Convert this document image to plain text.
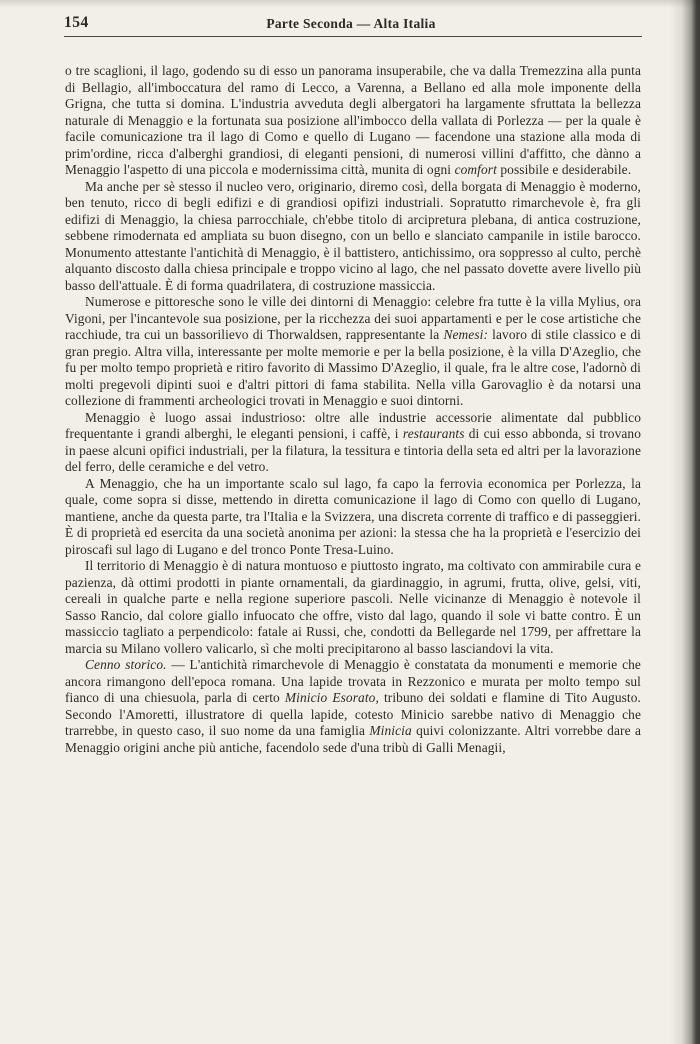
154	Parte Seconda — Alta Italia

o tre scaglioni, il lago, godendo su di esso un panorama insuperabile, che va dalla Tremezzina alla punta di Bellagio, all'imboccatura del ramo di Lecco, a Varenna, a Bellano ed alla mole imponente della Grigna, che tutta si domina. L'industria avveduta degli albergatori ha largamente sfruttata la bellezza naturale di Menaggio e la fortunata sua posizione all'imbocco della vallata di Porlezza — per la quale è facile comunicazione tra il lago di Como e quello di Lugano — facendone una stazione alla moda di prim'ordine, ricca d'alberghi grandiosi, di eleganti pensioni, di numerosi villini d'affitto, che dànno a Menaggio l'aspetto di una piccola e modernissima città, munita di ogni comfort possibile e desiderabile.

Ma anche per sè stesso il nucleo vero, originario, diremo così, della borgata di Menaggio è moderno, ben tenuto, ricco di begli edifizi e di grandiosi opifizi industriali. Sopratutto rimarchevole è, fra gli edifizi di Menaggio, la chiesa parrocchiale, ch'ebbe titolo di arcipretura plebana, di antica costruzione, sebbene rimodernata ed ampliata su buon disegno, con un bello e slanciato campanile in istile barocco. Monumento attestante l'antichità di Menaggio, è il battistero, antichissimo, ora soppresso al culto, perchè alquanto discosto dalla chiesa principale e troppo vicino al lago, che nel passato dovette avere livello più basso dell'attuale. È di forma quadrilatera, di costruzione massiccia.

Numerose e pittoresche sono le ville dei dintorni di Menaggio: celebre fra tutte è la villa Mylius, ora Vigoni, per l'incantevole sua posizione, per la ricchezza dei suoi appartamenti e per le cose artistiche che racchiude, tra cui un bassorilievo di Thorwaldsen, rappresentante la Nemesi: lavoro di stile classico e di gran pregio. Altra villa, interessante per molte memorie e per la bella posizione, è la villa D'Azeglio, che fu per molto tempo proprietà e ritiro favorito di Massimo D'Azeglio, il quale, fra le altre cose, l'adornò di molti pregevoli dipinti suoi e d'altri pittori di fama stabilita. Nella villa Garovaglio è da notarsi una collezione di frammenti archeologici trovati in Menaggio e suoi dintorni.

Menaggio è luogo assai industrioso: oltre alle industrie accessorie alimentate dal pubblico frequentante i grandi alberghi, le eleganti pensioni, i caffè, i restaurants di cui esso abbonda, si trovano in paese alcuni opifici industriali, per la filatura, la tessitura e tintoria della seta ed altri per la lavorazione del ferro, delle ceramiche e del vetro.

A Menaggio, che ha un importante scalo sul lago, fa capo la ferrovia economica per Porlezza, la quale, come sopra si disse, mettendo in diretta comunicazione il lago di Como con quello di Lugano, mantiene, anche da questa parte, tra l'Italia e la Svizzera, una discreta corrente di traffico e di passeggieri. È di proprietà ed esercita da una società anonima per azioni: la stessa che ha la proprietà e l'esercizio dei piroscafi sul lago di Lugano e del tronco Ponte Tresa-Luino.

Il territorio di Menaggio è di natura montuoso e piuttosto ingrato, ma coltivato con ammirabile cura e pazienza, dà ottimi prodotti in piante ornamentali, da giardinaggio, in agrumi, frutta, olive, gelsi, viti, cereali in qualche parte e nella regione superiore pascoli. Nelle vicinanze di Menaggio è notevole il Sasso Rancio, dal colore giallo infuocato che offre, visto dal lago, quando il sole vi batte contro. È un massiccio tagliato a perpendicolo: fatale ai Russi, che, condotti da Bellegarde nel 1799, per affrettare la marcia su Milano vollero valicarlo, sì che molti precipitarono al basso lasciandovi la vita.

Cenno storico. — L'antichità rimarchevole di Menaggio è constatata da monumenti e memorie che ancora rimangono dell'epoca romana. Una lapide trovata in Rezzonico e murata per molto tempo sul fianco di una chiesuola, parla di certo Minicio Esorato, tribuno dei soldati e flamine di Tito Augusto. Secondo l'Amoretti, illustratore di quella lapide, cotesto Minicio sarebbe nativo di Menaggio che trarrebbe, in questo caso, il suo nome da una famiglia Minicia quivi colonizzante. Altri vorrebbe dare a Menaggio origini anche più antiche, facendolo sede d'una tribù di Galli Menagii,
